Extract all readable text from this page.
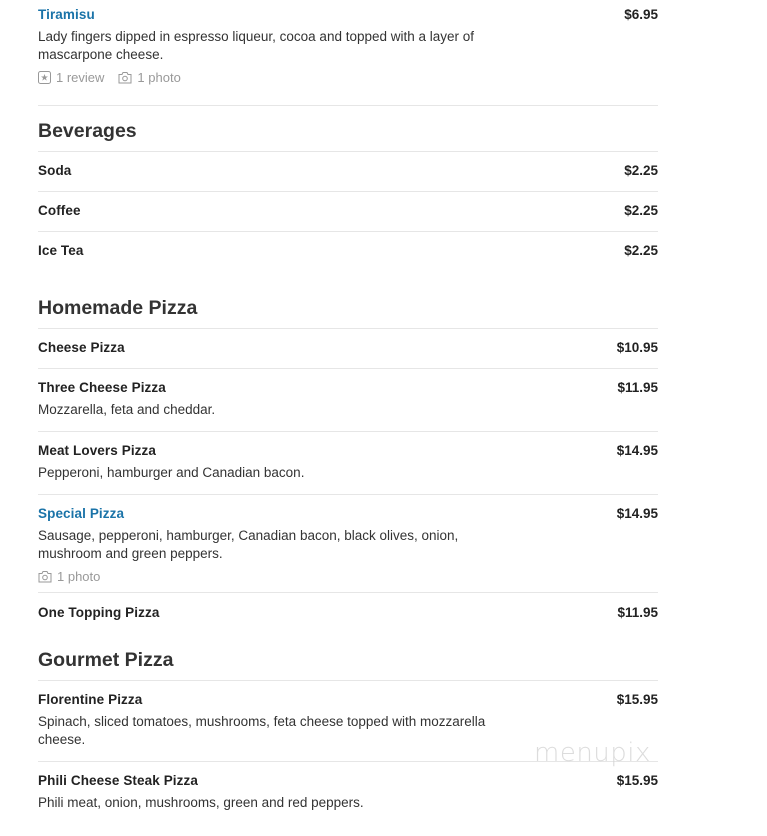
Tiramisu	$6.95
Lady fingers dipped in espresso liqueur, cocoa and topped with a layer of mascarpone cheese.
1 review	1 photo
Beverages
Soda	$2.25
Coffee	$2.25
Ice Tea	$2.25
Homemade Pizza
Cheese Pizza	$10.95
Three Cheese Pizza	$11.95
Mozzarella, feta and cheddar.
Meat Lovers Pizza	$14.95
Pepperoni, hamburger and Canadian bacon.
Special Pizza	$14.95
Sausage, pepperoni, hamburger, Canadian bacon, black olives, onion, mushroom and green peppers.
1 photo
One Topping Pizza	$11.95
Gourmet Pizza
Florentine Pizza	$15.95
Spinach, sliced tomatoes, mushrooms, feta cheese topped with mozzarella cheese.
Phili Cheese Steak Pizza	$15.95
Phili meat, onion, mushrooms, green and red peppers.
menupix
